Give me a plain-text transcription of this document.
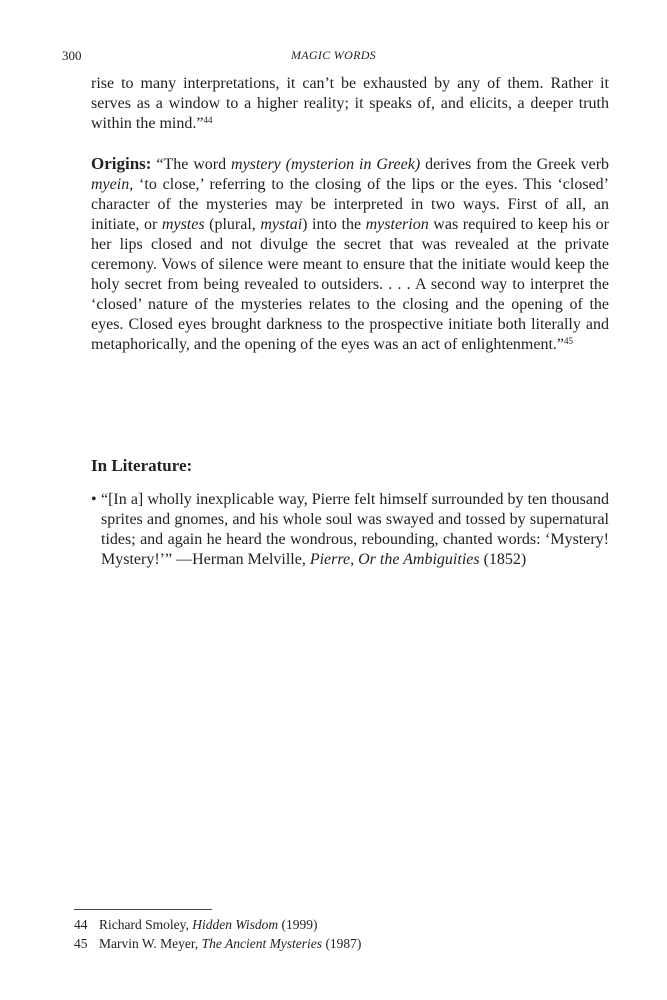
300	MAGIC WORDS

rise to many interpretations, it can’t be exhausted by any of them. Rather it serves as a window to a higher reality; it speaks of, and elicits, a deeper truth within the mind.”$^{44}$

Origins: “The word mystery (mysterion in Greek) derives from the Greek verb myein, ‘to close,’ referring to the closing of the lips or the eyes. This ‘closed’ character of the mysteries may be interpreted in two ways. First of all, an initiate, or mystes (plural, mystai) into the mysterion was required to keep his or her lips closed and not divulge the secret that was revealed at the private ceremony. Vows of silence were meant to ensure that the initiate would keep the holy secret from being revealed to outsiders. . . . A second way to interpret the ‘closed’ nature of the mysteries relates to the closing and the opening of the eyes. Closed eyes brought darkness to the prospective initiate both literally and metaphorically, and the opening of the eyes was an act of enlightenment.”$^{45}$

In Literature:
• “[In a] wholly inexplicable way, Pierre felt himself surrounded by ten thousand sprites and gnomes, and his whole soul was swayed and tossed by supernatural tides; and again he heard the wondrous, rebounding, chanted words: ‘Mystery! Mystery!’” —Herman Melville, Pierre, Or the Ambiguities (1852)
44 Richard Smoley, Hidden Wisdom (1999)
45 Marvin W. Meyer, The Ancient Mysteries (1987)
